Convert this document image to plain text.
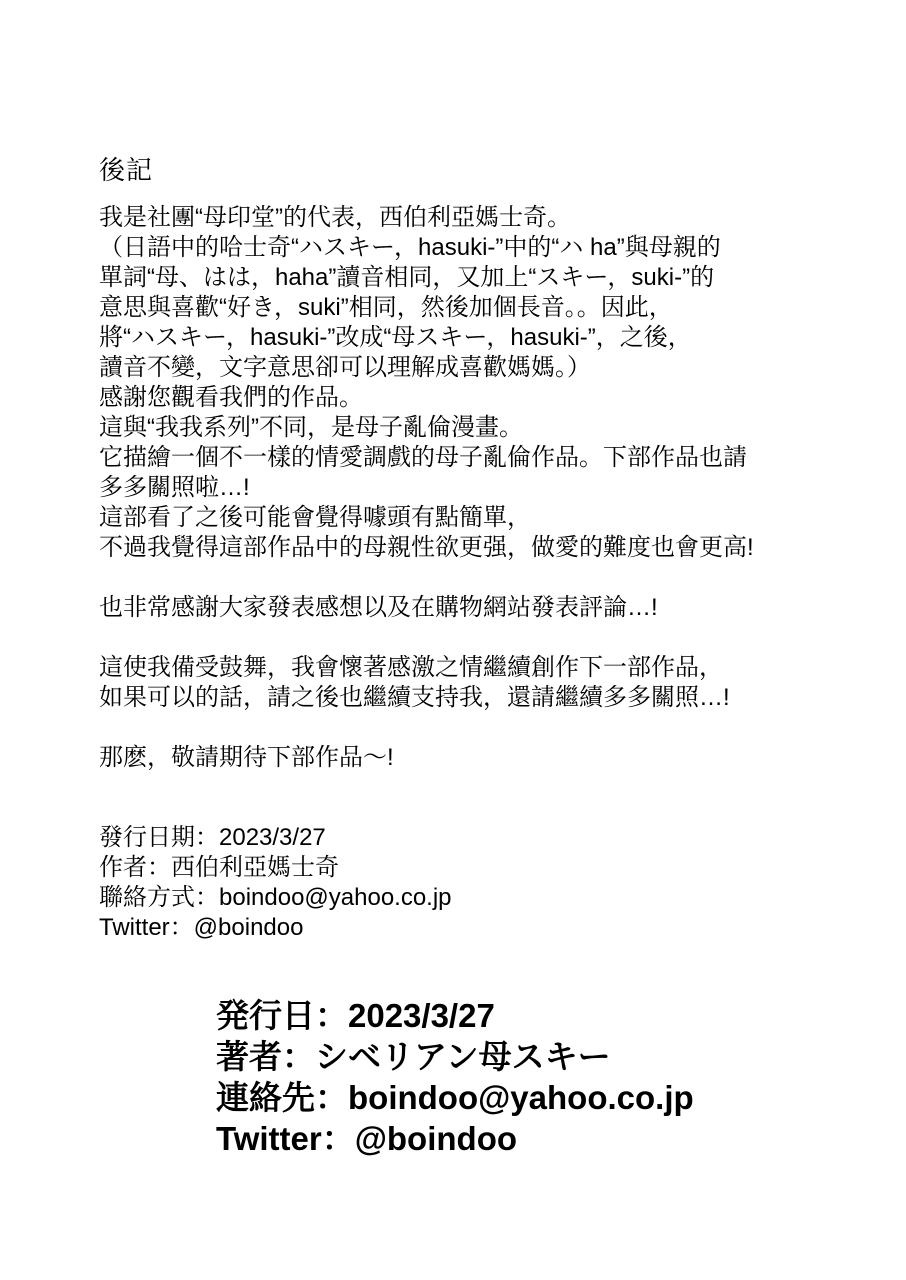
後記
我是社團“母印堂”的代表，西伯利亞媽士奇。
（日語中的哈士奇“ハスキー，hasuki-”中的“ハ ha”與母親的
單詞“母、はは，haha”讀音相同，又加上“スキー，suki-”的
意思與喜歡“好き，suki”相同，然後加個長音。。因此，
將“ハスキー，hasuki-”改成“母スキー，hasuki-”，之後，
讀音不變，文字意思卻可以理解成喜歡媽媽。）
感謝您觀看我們的作品。
這與“我我系列”不同，是母子亂倫漫畫。
它描繪一個不一樣的情愛調戲的母子亂倫作品。下部作品也請
多多關照啦…!
這部看了之後可能會覺得噱頭有點簡單，
不過我覺得這部作品中的母親性欲更强，做愛的難度也會更高!
也非常感謝大家發表感想以及在購物網站發表評論…!
這使我備受鼓舞，我會懷著感激之情繼續創作下一部作品，
如果可以的話，請之後也繼續支持我，還請繼續多多關照…!
那麽，敬請期待下部作品～!
發行日期：2023/3/27
作者：西伯利亞媽士奇
聯絡方式：boindoo@yahoo.co.jp
Twitter：@boindoo
発行日：2023/3/27
著者：シベリアン母スキー
連絡先：boindoo@yahoo.co.jp
Twitter：@boindoo
